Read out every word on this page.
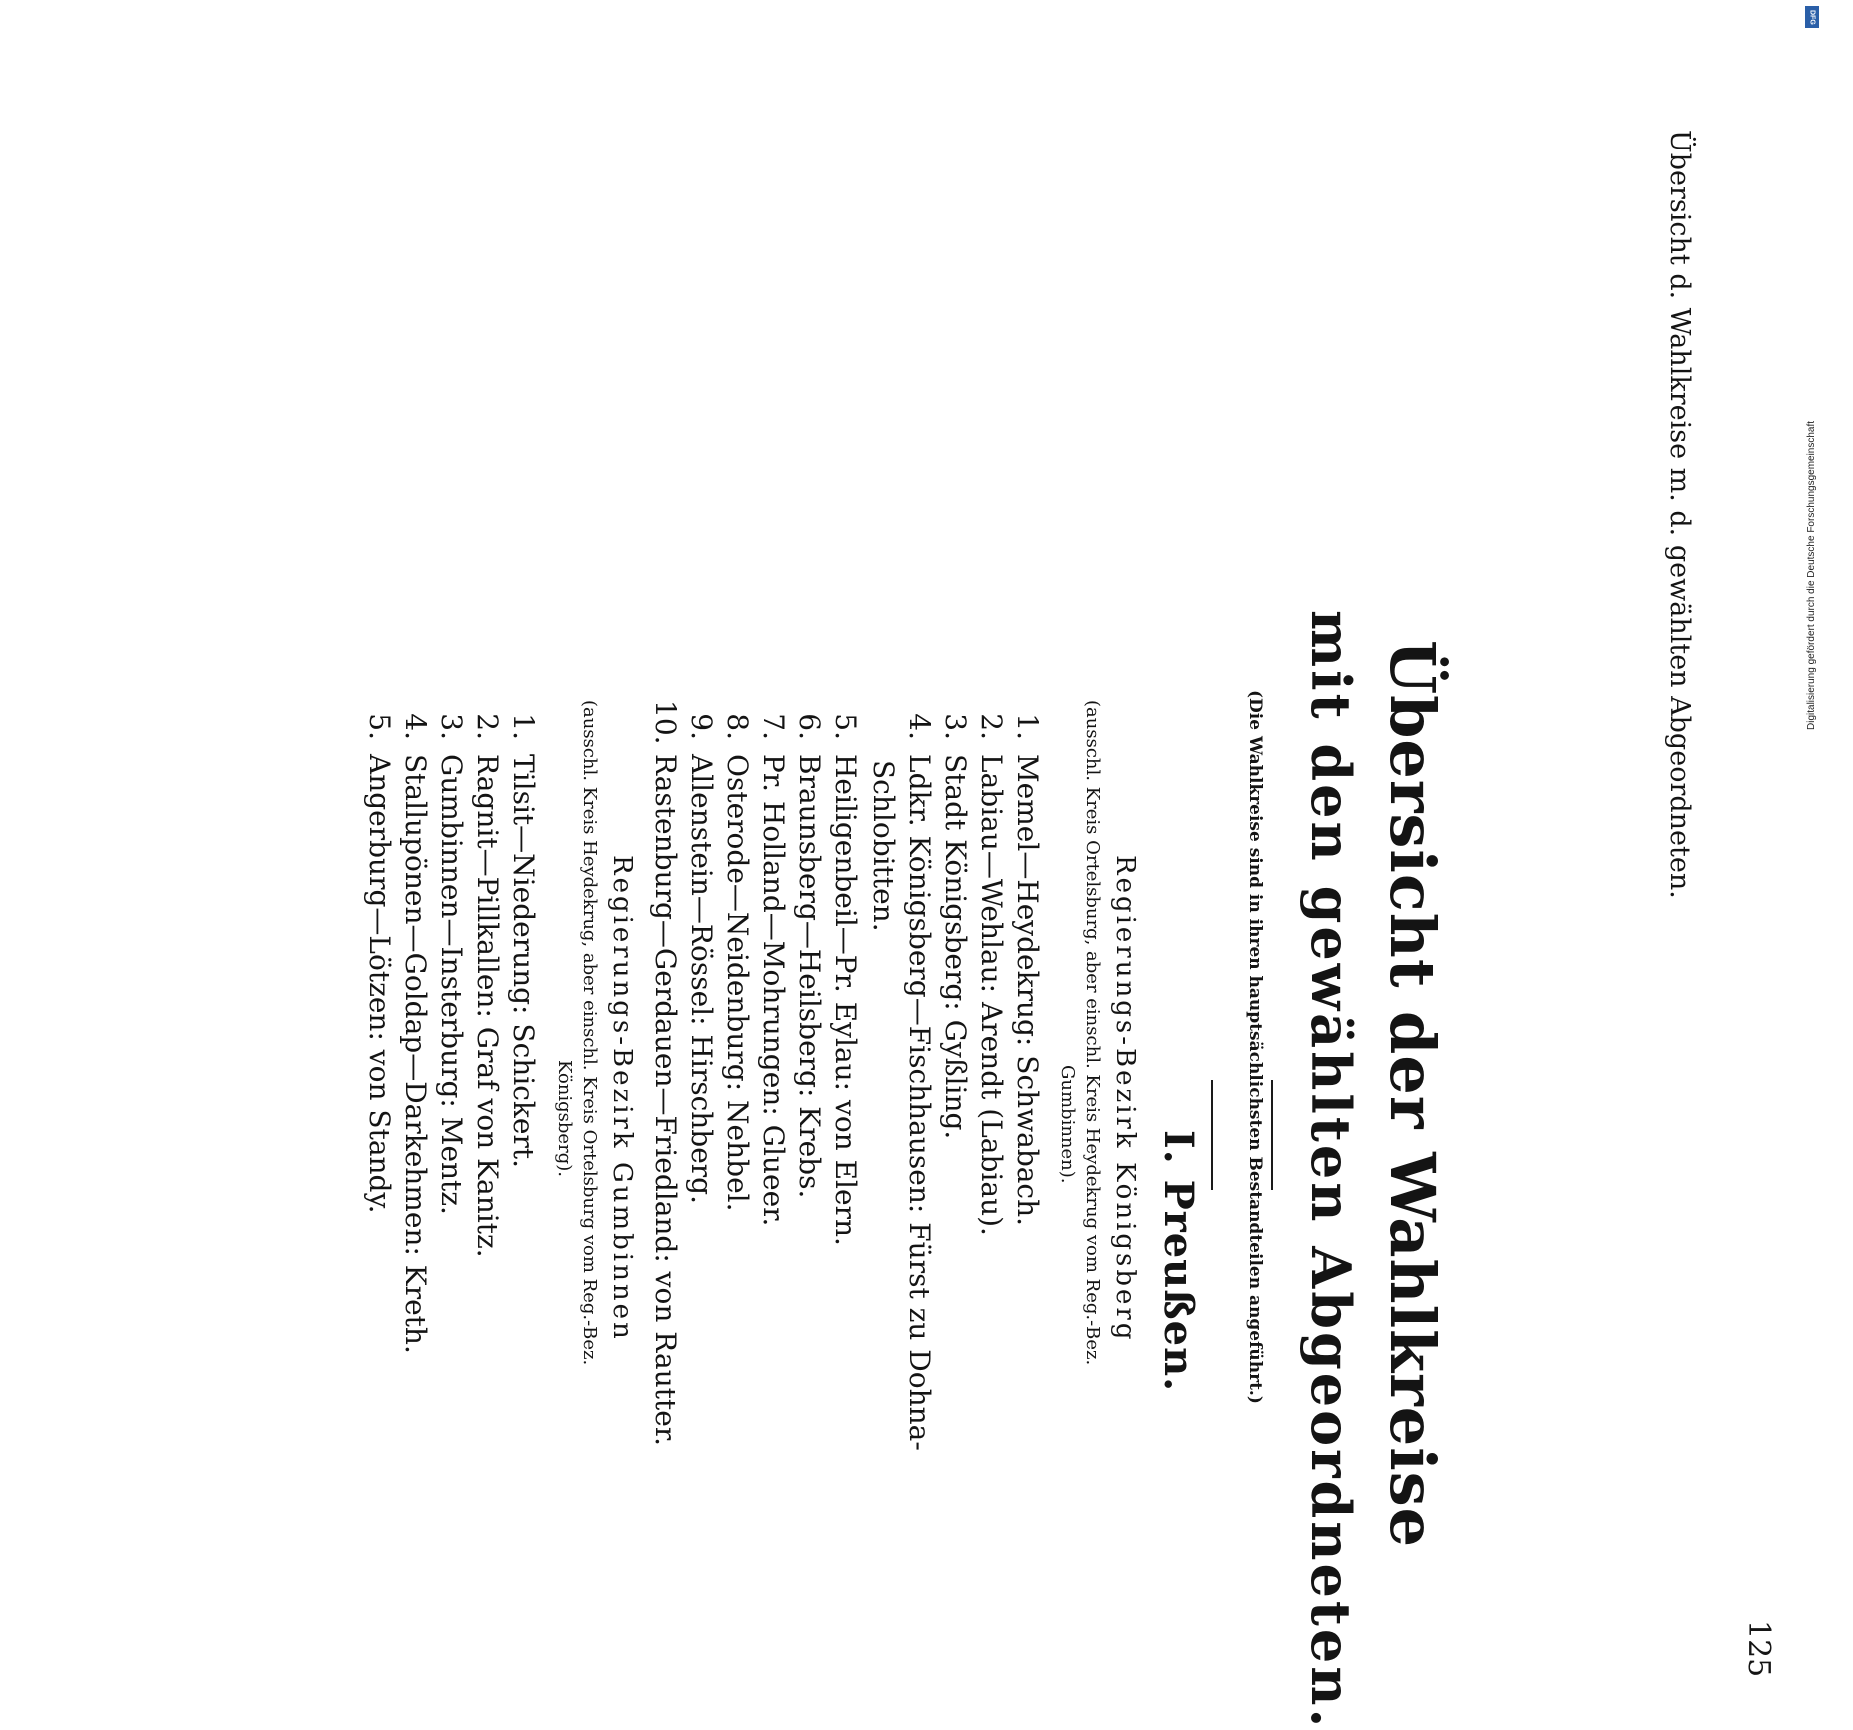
Übersicht d. Wahlkreise m. d. gewählten Abgeordneten.
125
Übersicht der Wahlkreise
mit den gewählten Abgeordneten.
(Die Wahlkreise sind in ihren hauptsächlichsten Bestandteilen angeführt.)
I. Preußen.
Regierungs-Bezirk Königsberg
(ausschl. Kreis Ortelsburg, aber einschl. Kreis Heydekrug vom Reg.-Bez.
Gumbinnen).
1.Memel—Heydekrug: Schwabach.
2.Labiau—Wehlau: Arendt (Labiau).
3.Stadt Königsberg: Gyßling.
4.Ldkr. Königsberg—Fischhausen: Fürst zu Dohna-
Schlobitten.
5.Heiligenbeil—Pr. Eylau: von Elern.
6.Braunsberg—Heilsberg: Krebs.
7.Pr. Holland—Mohrungen: Glueer.
8.Osterode—Neidenburg: Nehbel.
9.Allenstein—Rössel: Hirschberg.
10.Rastenburg—Gerdauen—Friedland: von Rautter.
Regierungs-Bezirk Gumbinnen
(ausschl. Kreis Heydekrug, aber einschl. Kreis Ortelsburg vom Reg.-Bez.
Königsberg).
1.Tilsit—Niederung: Schickert.
2.Ragnit—Pillkallen: Graf von Kanitz.
3.Gumbinnen—Insterburg: Mentz.
4.Stallupönen—Goldap—Darkehmen: Kreth.
5.Angerburg—Lötzen: von Standy.
DFG
Digitalisierung gefördert durch die Deutsche Forschungsgemeinschaft
